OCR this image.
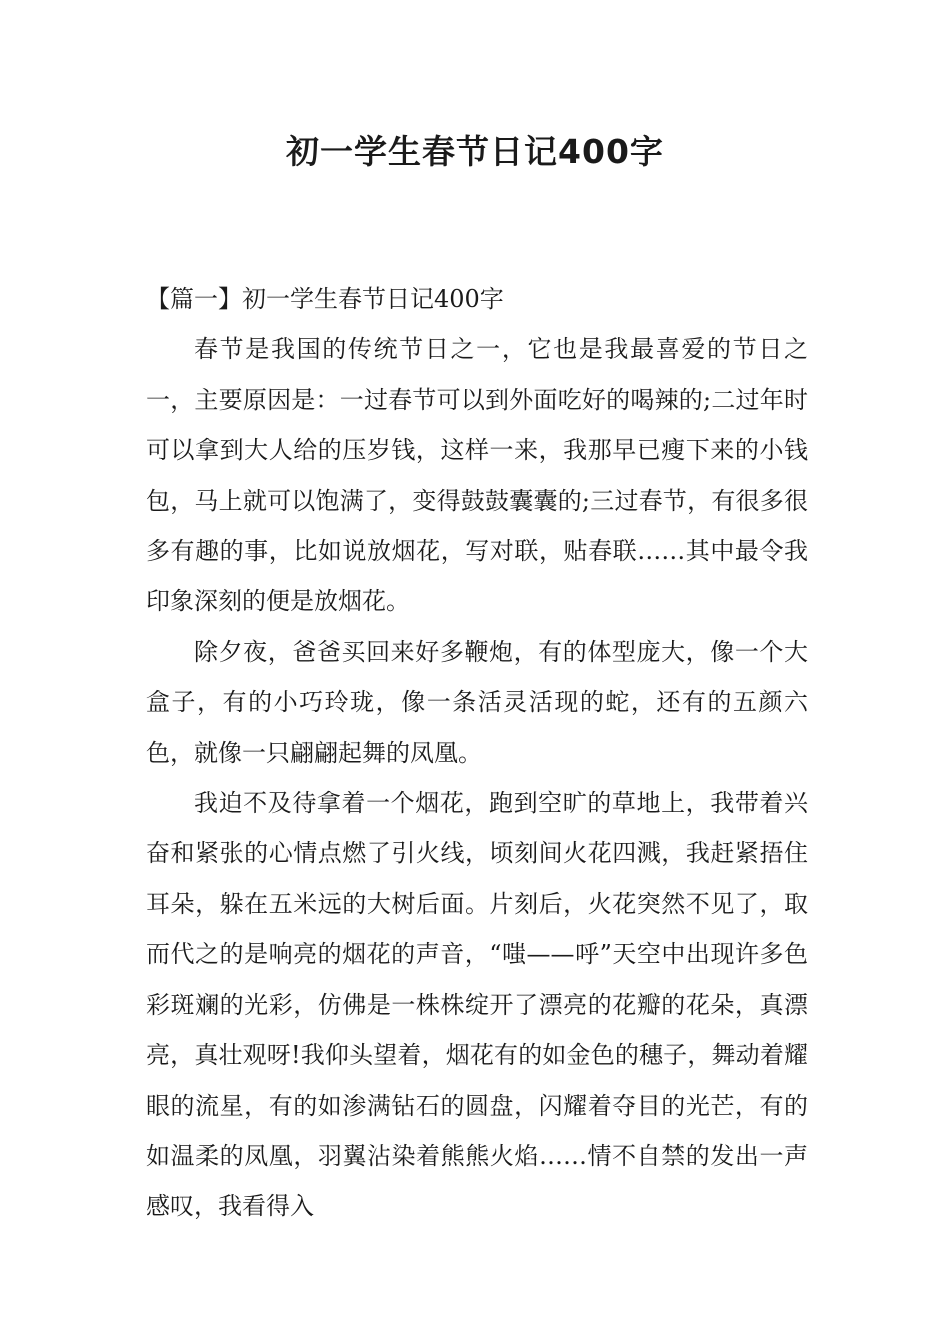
初一学生春节日记400字
【篇一】初一学生春节日记400字

春节是我国的传统节日之一，它也是我最喜爱的节日之一，主要原因是：一过春节可以到外面吃好的喝辣的;二过年时可以拿到大人给的压岁钱，这样一来，我那早已瘦下来的小钱包，马上就可以饱满了，变得鼓鼓囊囊的;三过春节，有很多很多有趣的事，比如说放烟花，写对联，贴春联……其中最令我印象深刻的便是放烟花。

除夕夜，爸爸买回来好多鞭炮，有的体型庞大，像一个大盒子，有的小巧玲珑，像一条活灵活现的蛇，还有的五颜六色，就像一只翩翩起舞的凤凰。

我迫不及待拿着一个烟花，跑到空旷的草地上，我带着兴奋和紧张的心情点燃了引火线，顷刻间火花四溅，我赶紧捂住耳朵，躲在五米远的大树后面。片刻后，火花突然不见了，取而代之的是响亮的烟花的声音，“嗤——呼”天空中出现许多色彩斑斓的光彩，仿佛是一株株绽开了漂亮的花瓣的花朵，真漂亮，真壮观呀!我仰头望着，烟花有的如金色的穗子，舞动着耀眼的流星，有的如渗满钻石的圆盘，闪耀着夺目的光芒，有的如温柔的凤凰，羽翼沾染着熊熊火焰……情不自禁的发出一声感叹，我看得入
